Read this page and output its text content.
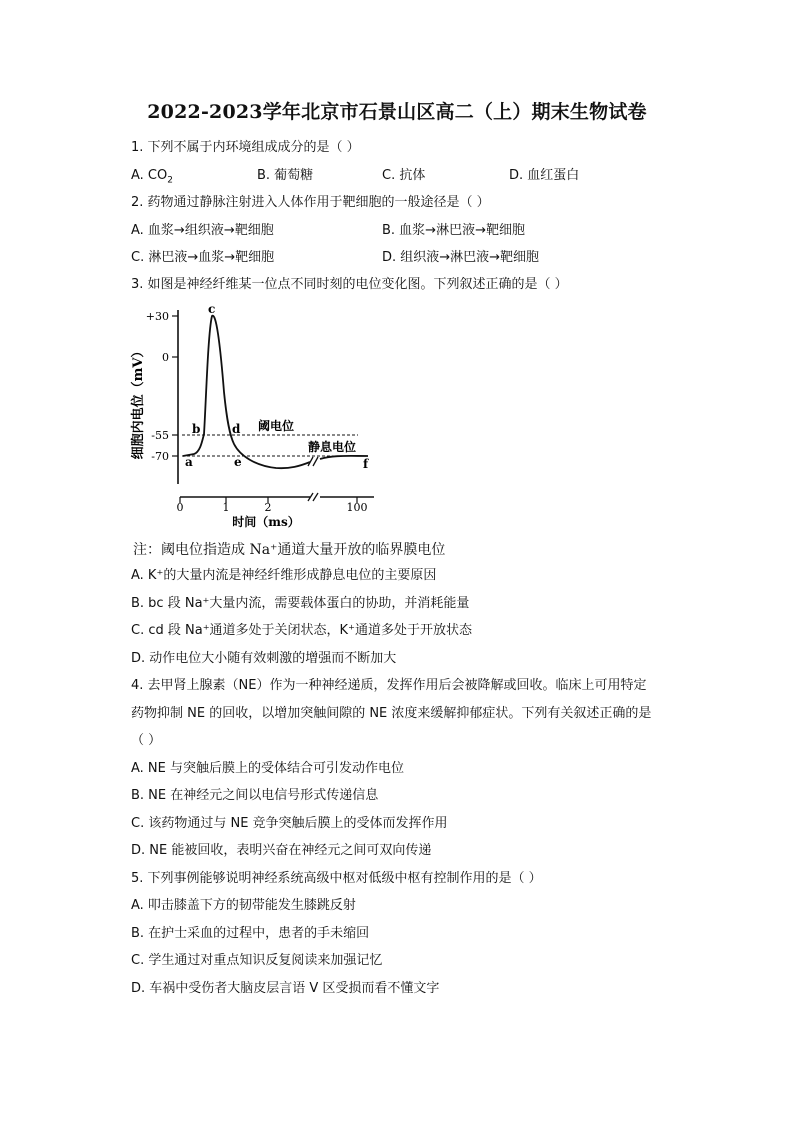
2022-2023学年北京市石景山区高二（上）期末生物试卷
1. 下列不属于内环境组成成分的是（ ）
A. $CO_2$	B. 葡萄糖	C. 抗体	D. 血红蛋白
2. 药物通过静脉注射进入人体作用于靶细胞的一般途径是（ ）
A. 血浆→组织液→靶细胞	B. 血浆→淋巴液→靶细胞
C. 淋巴液→血浆→靶细胞	D. 组织液→淋巴液→靶细胞
3. 如图是神经纤维某一位点不同时刻的电位变化图。下列叙述正确的是（ ）
+30
0
-55
-70
细胞内电位（mV）
0	1	2	100
时间（ms）
阈电位
静息电位
a
b
c
d
e	f
注：阈电位指造成 Na⁺通道大量开放的临界膜电位
A. K⁺的大量内流是神经纤维形成静息电位的主要原因
B. bc 段 Na⁺大量内流，需要载体蛋白的协助，并消耗能量
C. cd 段 Na⁺通道多处于关闭状态，K⁺通道多处于开放状态
D. 动作电位大小随有效刺激的增强而不断加大
4. 去甲肾上腺素（NE）作为一种神经递质，发挥作用后会被降解或回收。临床上可用特定
药物抑制 NE 的回收，以增加突触间隙的 NE 浓度来缓解抑郁症状。下列有关叙述正确的是
（ ）
A. NE 与突触后膜上的受体结合可引发动作电位
B. NE 在神经元之间以电信号形式传递信息
C. 该药物通过与 NE 竞争突触后膜上的受体而发挥作用
D. NE 能被回收，表明兴奋在神经元之间可双向传递
5. 下列事例能够说明神经系统高级中枢对低级中枢有控制作用的是（ ）
A. 叩击膝盖下方的韧带能发生膝跳反射
B. 在护士采血的过程中，患者的手未缩回
C. 学生通过对重点知识反复阅读来加强记忆
D. 车祸中受伤者大脑皮层言语 V 区受损而看不懂文字
